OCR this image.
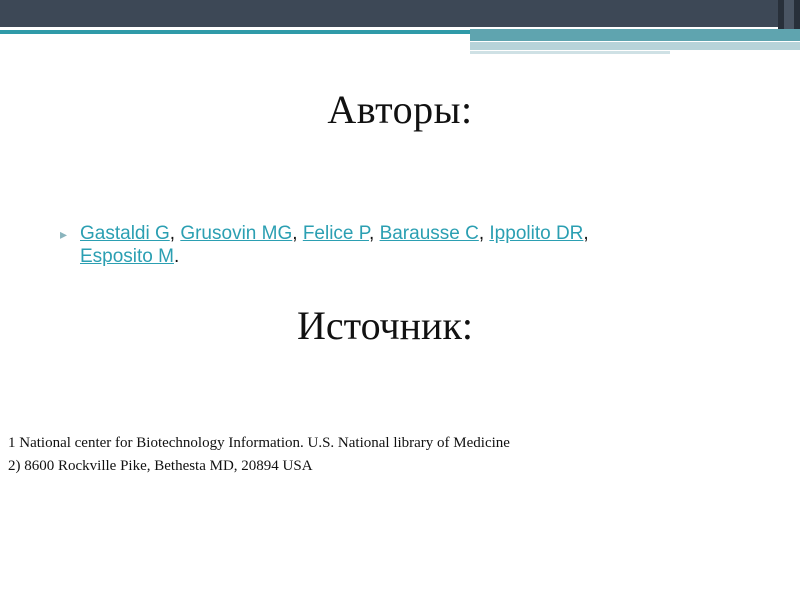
Авторы:
▸ Gastaldi G, Grusovin MG, Felice P, Barausse C, Ippolito DR, Esposito M.
Источник:
1 National center for Biotechnology Information. U.S. National library of Medicine
2) 8600 Rockville Pike, Bethesta MD, 20894 USA
